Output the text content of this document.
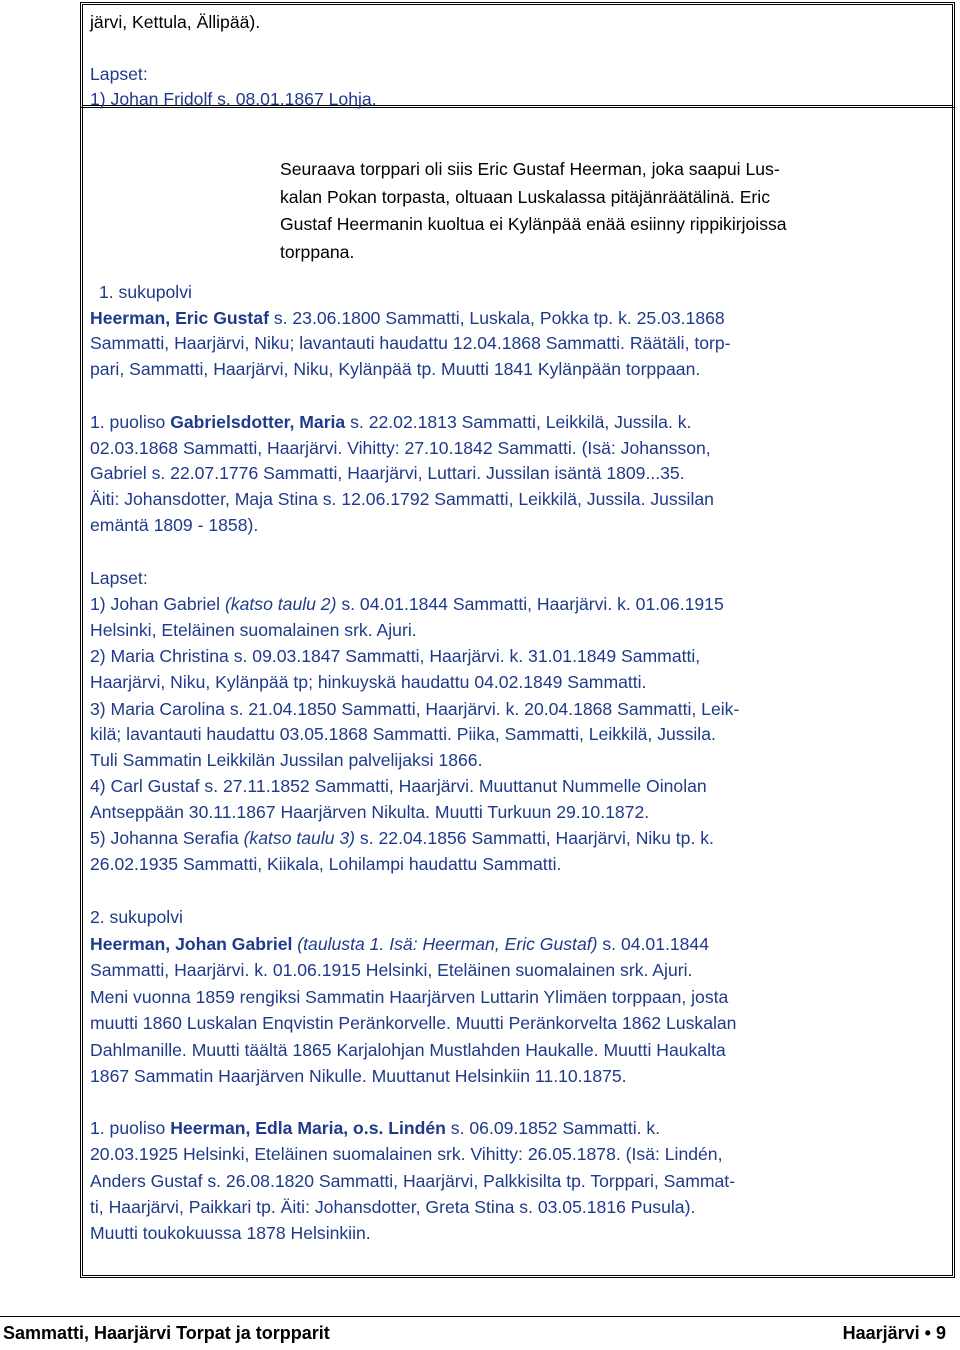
järvi, Kettula, Ällipää).
Lapset:
1) Johan Fridolf s. 08.01.1867 Lohja.
Seuraava torppari oli siis Eric Gustaf Heerman, joka saapui Lus-
kalan Pokan torpasta, oltuaan Luskalassa pitäjänräätälinä. Eric
Gustaf Heermanin kuoltua ei Kylänpää enää esiinny rippikirjoissa
torppana.
1. sukupolvi
Heerman, Eric Gustaf s. 23.06.1800 Sammatti, Luskala, Pokka tp. k. 25.03.1868
Sammatti, Haarjärvi, Niku; lavantauti haudattu 12.04.1868 Sammatti. Räätäli, torp-
pari, Sammatti, Haarjärvi, Niku, Kylänpää tp. Muutti 1841 Kylänpään torppaan.
1. puoliso Gabrielsdotter, Maria s. 22.02.1813 Sammatti, Leikkilä, Jussila. k.
02.03.1868 Sammatti, Haarjärvi. Vihitty: 27.10.1842 Sammatti. (Isä: Johansson,
Gabriel s. 22.07.1776 Sammatti, Haarjärvi, Luttari. Jussilan isäntä 1809...35.
Äiti: Johansdotter, Maja Stina s. 12.06.1792 Sammatti, Leikkilä, Jussila. Jussilan
emäntä 1809 - 1858).
Lapset:
1) Johan Gabriel (katso taulu 2) s. 04.01.1844 Sammatti, Haarjärvi. k. 01.06.1915
Helsinki, Eteläinen suomalainen srk. Ajuri.
2) Maria Christina s. 09.03.1847 Sammatti, Haarjärvi. k. 31.01.1849 Sammatti,
Haarjärvi, Niku, Kylänpää tp; hinkuyskä haudattu 04.02.1849 Sammatti.
3) Maria Carolina s. 21.04.1850 Sammatti, Haarjärvi. k. 20.04.1868 Sammatti, Leik-
kilä; lavantauti haudattu 03.05.1868 Sammatti. Piika, Sammatti, Leikkilä, Jussila.
Tuli Sammatin Leikkilän Jussilan palvelijaksi 1866.
4) Carl Gustaf s. 27.11.1852 Sammatti, Haarjärvi. Muuttanut Nummelle Oinolan
Antseppään 30.11.1867 Haarjärven Nikulta. Muutti Turkuun 29.10.1872.
5) Johanna Serafia (katso taulu 3) s. 22.04.1856 Sammatti, Haarjärvi, Niku tp. k.
26.02.1935 Sammatti, Kiikala, Lohilampi haudattu Sammatti.
2. sukupolvi
Heerman, Johan Gabriel (taulusta 1. Isä: Heerman, Eric Gustaf) s. 04.01.1844
Sammatti, Haarjärvi. k. 01.06.1915 Helsinki, Eteläinen suomalainen srk. Ajuri.
Meni vuonna 1859 rengiksi Sammatin Haarjärven Luttarin Ylimäen torppaan, josta
muutti 1860 Luskalan Enqvistin Peränkorvelle. Muutti Peränkorvelta 1862 Luskalan
Dahlmanille. Muutti täältä 1865 Karjalohjan Mustlahden Haukalle. Muutti Haukalta
1867 Sammatin Haarjärven Nikulle. Muuttanut Helsinkiin 11.10.1875.
1. puoliso Heerman, Edla Maria, o.s. Lindén s. 06.09.1852 Sammatti. k.
20.03.1925 Helsinki, Eteläinen suomalainen srk. Vihitty: 26.05.1878. (Isä: Lindén,
Anders Gustaf s. 26.08.1820 Sammatti, Haarjärvi, Palkkisilta tp. Torppari, Sammat-
ti, Haarjärvi, Paikkari tp. Äiti: Johansdotter, Greta Stina s. 03.05.1816 Pusula).
Muutti toukokuussa 1878 Helsinkiin.
Sammatti, Haarjärvi Torpat ja torpparit	Haarjärvi • 9
